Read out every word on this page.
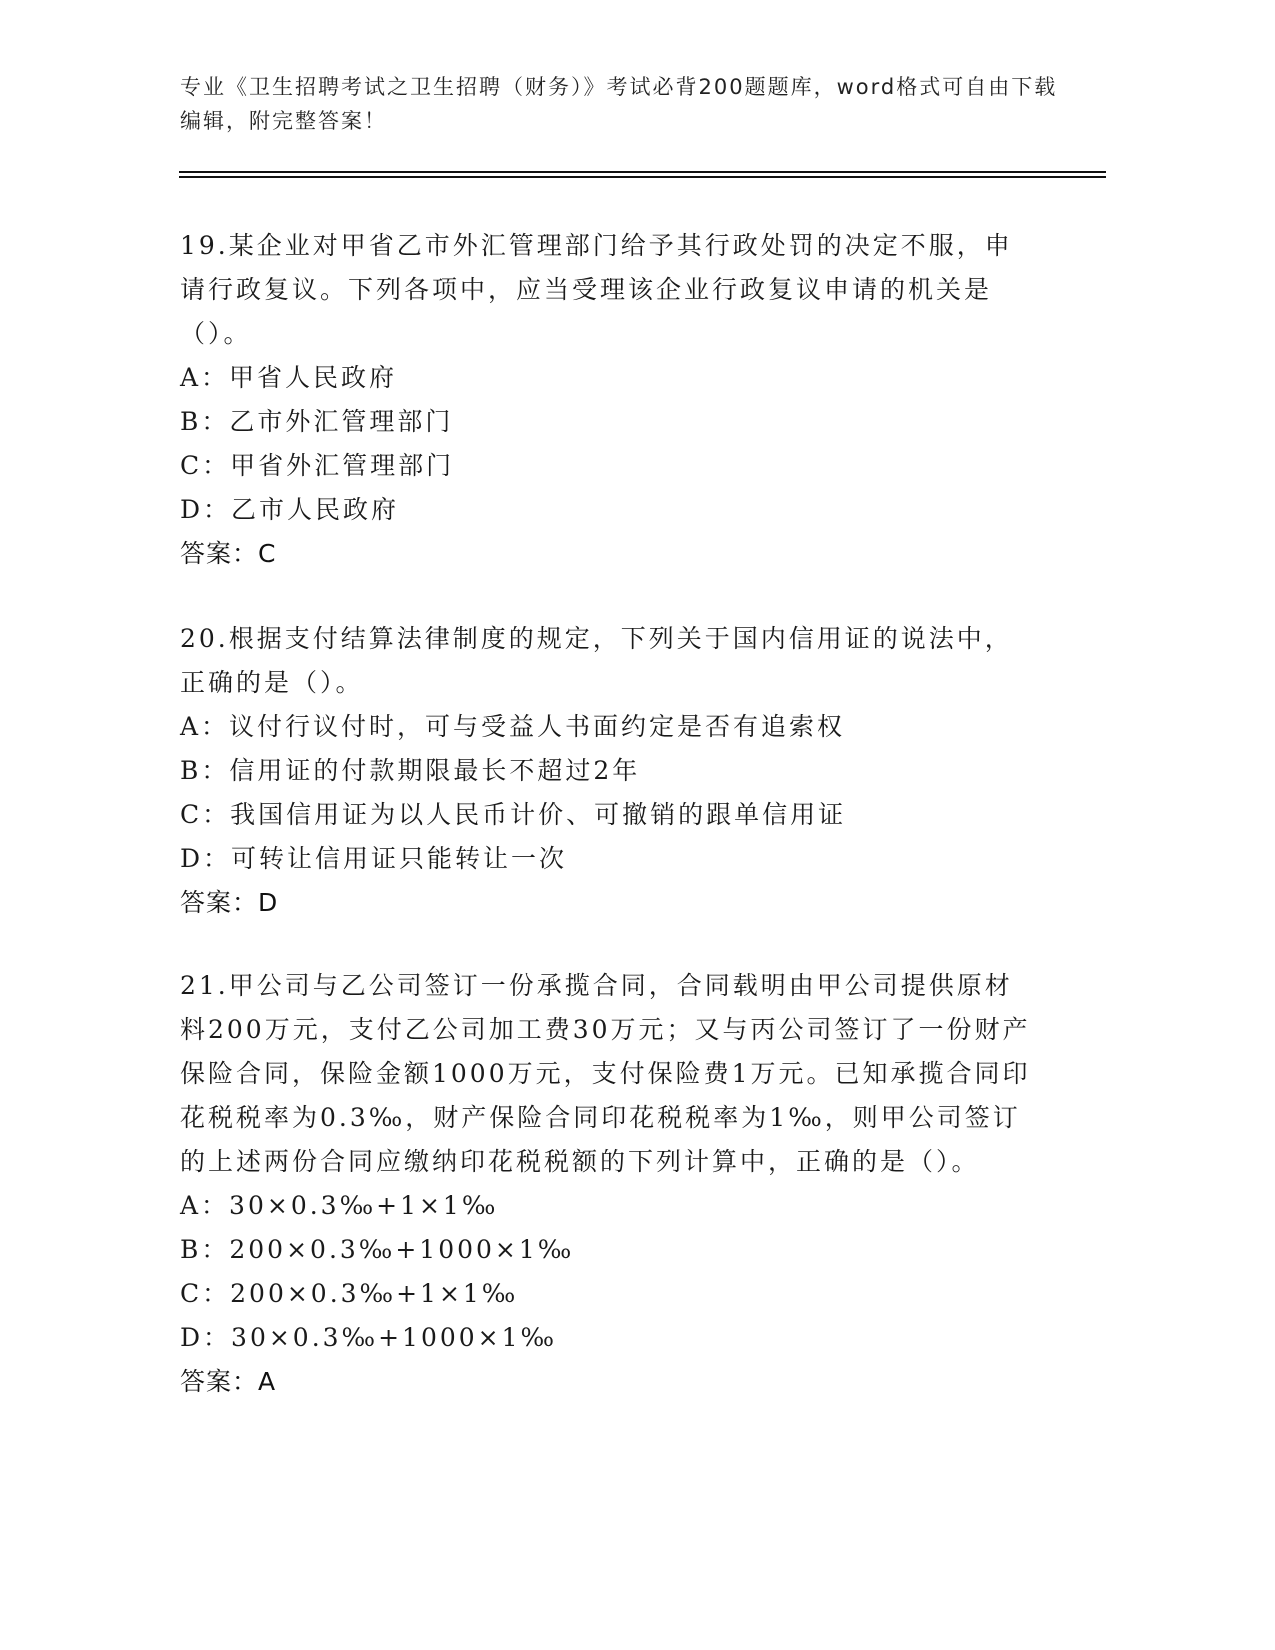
专业《卫生招聘考试之卫生招聘（财务）》考试必背200题题库，word格式可自由下载编辑，附完整答案！
19.某企业对甲省乙市外汇管理部门给予其行政处罚的决定不服，申请行政复议。下列各项中，应当受理该企业行政复议申请的机关是（）。
A：甲省人民政府
B：乙市外汇管理部门
C：甲省外汇管理部门
D：乙市人民政府
答案：C
20.根据支付结算法律制度的规定，下列关于国内信用证的说法中，正确的是（）。
A：议付行议付时，可与受益人书面约定是否有追索权
B：信用证的付款期限最长不超过2年
C：我国信用证为以人民币计价、可撤销的跟单信用证
D：可转让信用证只能转让一次
答案：D
21.甲公司与乙公司签订一份承揽合同，合同载明由甲公司提供原材料200万元，支付乙公司加工费30万元；又与丙公司签订了一份财产保险合同，保险金额1000万元，支付保险费1万元。已知承揽合同印花税税率为0.3‰，财产保险合同印花税税率为1‰，则甲公司签订的上述两份合同应缴纳印花税税额的下列计算中，正确的是（）。
A：30×0.3‰+1×1‰
B：200×0.3‰+1000×1‰
C：200×0.3‰+1×1‰
D：30×0.3‰+1000×1‰
答案：A
